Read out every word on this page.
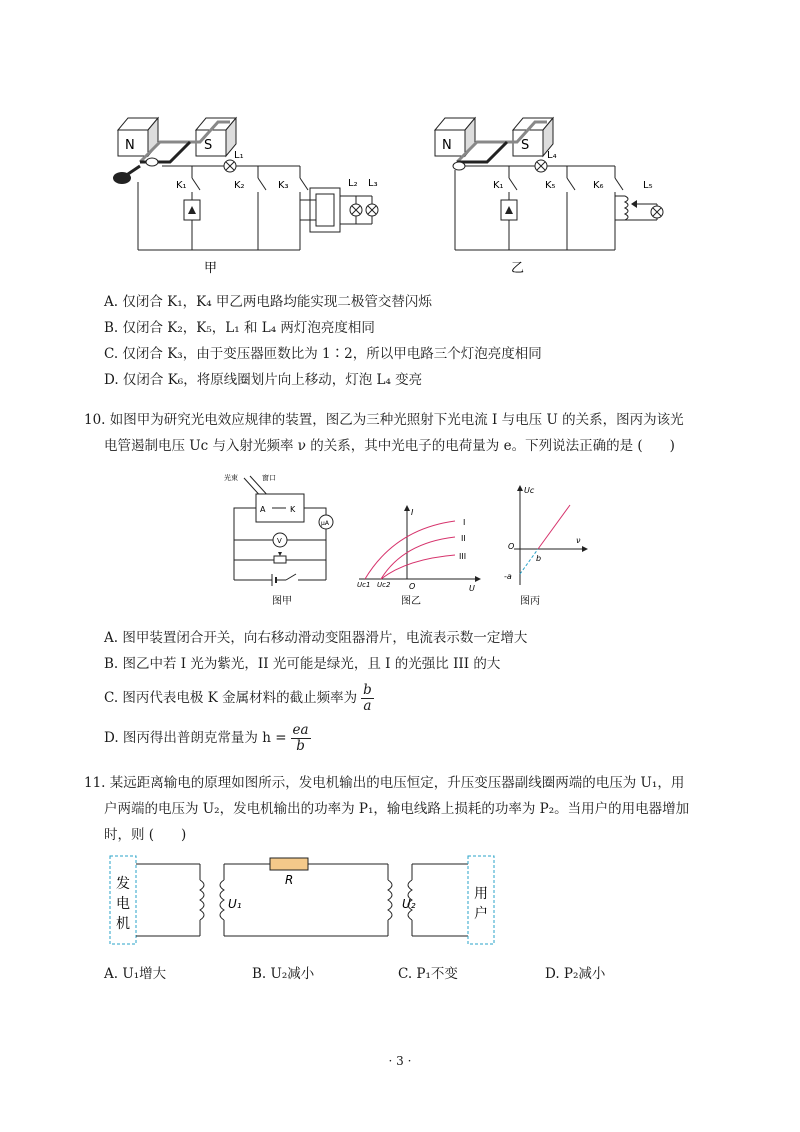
N	S
L₁
K₁	K₂	K₃	L₂ L₃
甲
N	S
L₄
K₁	K₅	K₆	L₅
乙
A. 仅闭合 K₁，K₄ 甲乙两电路均能实现二极管交替闪烁
B. 仅闭合 K₂，K₅，L₁ 和 L₄ 两灯泡亮度相同
C. 仅闭合 K₃，由于变压器匝数比为 1∶2，所以甲电路三个灯泡亮度相同
D. 仅闭合 K₆，将原线圈划片向上移动，灯泡 L₄ 变亮
10. 如图甲为研究光电效应规律的装置，图乙为三种光照射下光电流 I 与电压 U 的关系，图丙为该光
电管遏制电压 Uc 与入射光频率 ν 的关系，其中光电子的电荷量为 e。下列说法正确的是 (　　)
光束	窗口
A	K
μA
V
图甲
I
U
O
Uc1 Uc2
I
II
III
图乙
Uc
ν
O
b
-a
图丙
A. 图甲装置闭合开关，向右移动滑动变阻器滑片，电流表示数一定增大
B. 图乙中若 I 光为紫光，II 光可能是绿光，且 I 的光强比 III 的大
C. 图丙代表电极 K 金属材料的截止频率为 $\frac{b}{a}$
D. 图丙得出普朗克常量为 $h = \frac{ea}{b}$
11. 某远距离输电的原理如图所示，发电机输出的电压恒定，升压变压器副线圈两端的电压为 U₁，用
户两端的电压为 U₂，发电机输出的功率为 P₁，输电线路上损耗的功率为 P₂。当用户的用电器增加
时，则 (　　)
发
电
机
U₁
R
U₂
用
户
A. U₁增大	B. U₂减小	C. P₁不变	D. P₂减小
· 3 ·
